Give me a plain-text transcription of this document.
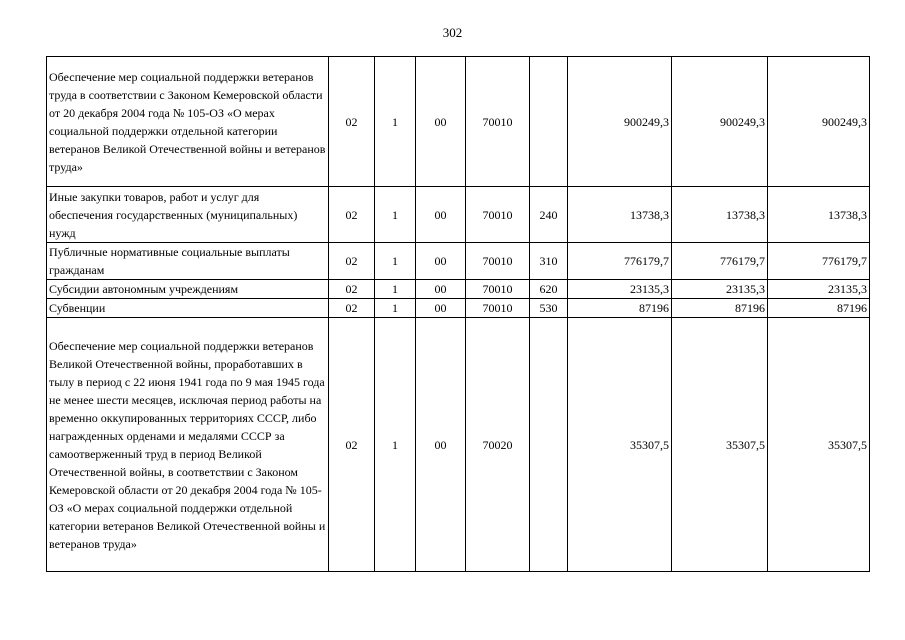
302
Обеспечение мер социальной поддержки ветеранов труда в соответствии с Законом Кемеровской области от 20 декабря 2004 года № 105-ОЗ «О мерах социальной поддержки отдельной категории ветеранов Великой Отечественной войны и ветеранов труда»	02	1	00	70010		900249,3	900249,3	900249,3
Иные закупки товаров, работ и услуг для обеспечения государственных (муниципальных) нужд	02	1	00	70010	240	13738,3	13738,3	13738,3
Публичные нормативные социальные выплаты гражданам	02	1	00	70010	310	776179,7	776179,7	776179,7
Субсидии автономным учреждениям	02	1	00	70010	620	23135,3	23135,3	23135,3
Субвенции	02	1	00	70010	530	87196	87196	87196
Обеспечение мер социальной поддержки ветеранов Великой Отечественной войны, проработавших в тылу в период с 22 июня 1941 года по 9 мая 1945 года не менее шести месяцев, исключая период работы на временно оккупированных территориях СССР, либо награжденных орденами и медалями СССР за самоотверженный труд в период Великой Отечественной войны, в соответствии с Законом Кемеровской области от 20 декабря 2004 года № 105-ОЗ «О мерах социальной поддержки отдельной категории ветеранов Великой Отечественной войны и ветеранов труда»	02	1	00	70020		35307,5	35307,5	35307,5
